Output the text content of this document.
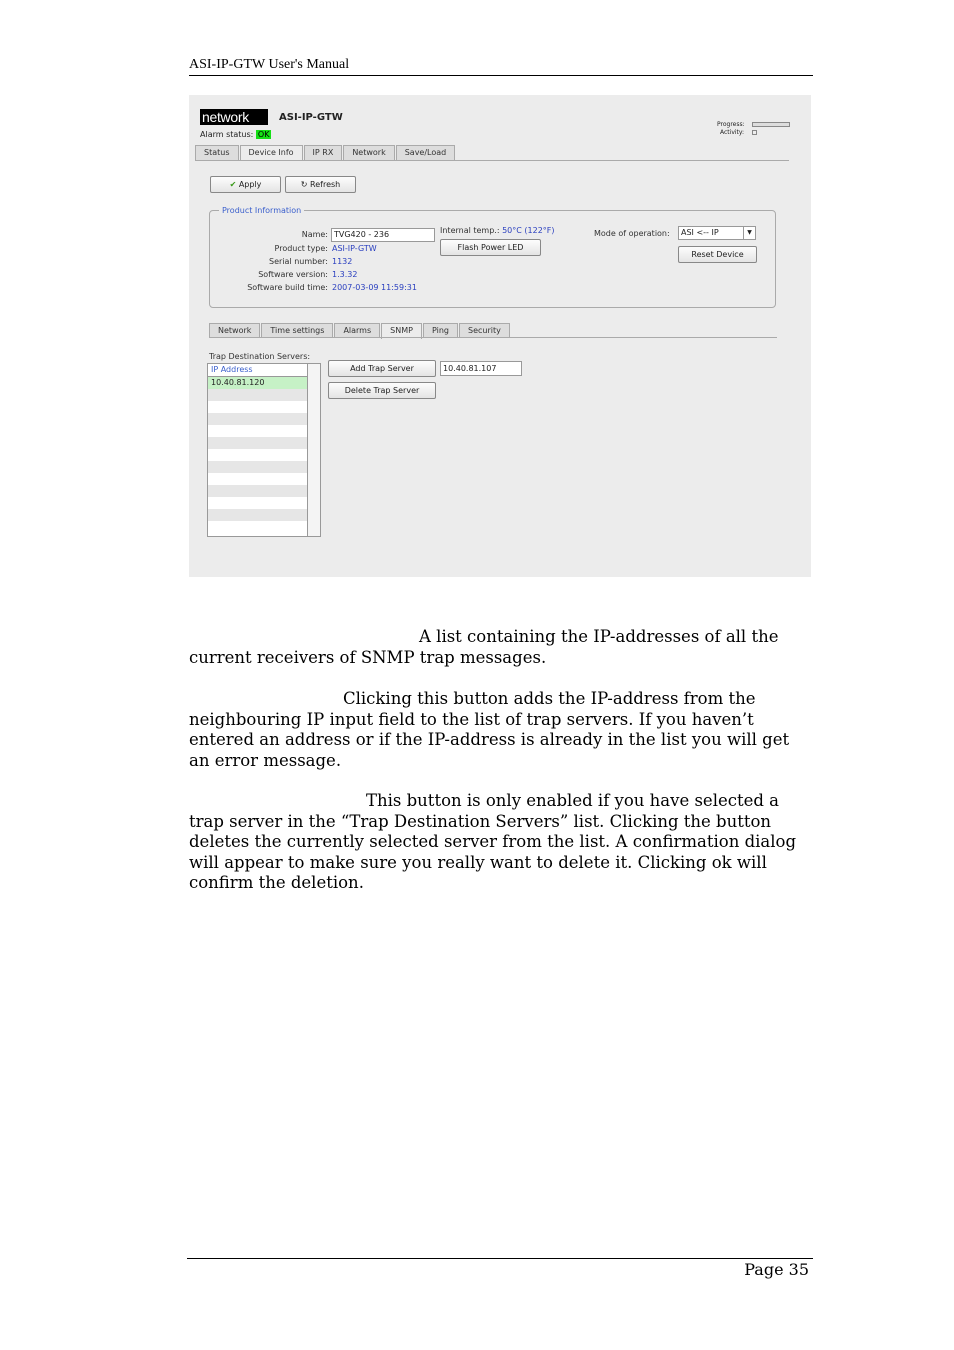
ASI-IP-GTW User's Manual
network	ASI-IP-GTW
Alarm status: OK
Progress:
Activity:
Status	Device Info	IP RX	Network	Save/Load
✔ Apply	↻ Refresh
Product Information
Name: TVG420 - 236
Product type: ASI-IP-GTW
Serial number: 1132
Software version: 1.3.32
Software build time: 2007-03-09 11:59:31
Internal temp.: 50°C (122°F)
Flash Power LED
Mode of operation:	ASI <-- IP	▼
Reset Device
Network	Time settings	Alarms	SNMP	Ping	Security
Trap Destination Servers:
IP Address
10.40.81.120
Add Trap Server	10.40.81.107
Delete Trap Server
A list containing the IP-addresses of all the current receivers of SNMP trap messages.
Clicking this button adds the IP-address from the neighbouring IP input field to the list of trap servers. If you haven’t entered an address or if the IP-address is already in the list you will get an error message.
This button is only enabled if you have selected a trap server in the “Trap Destination Servers” list. Clicking the button deletes the currently selected server from the list. A confirmation dialog will appear to make sure you really want to delete it. Clicking ok will confirm the deletion.
Page 35
